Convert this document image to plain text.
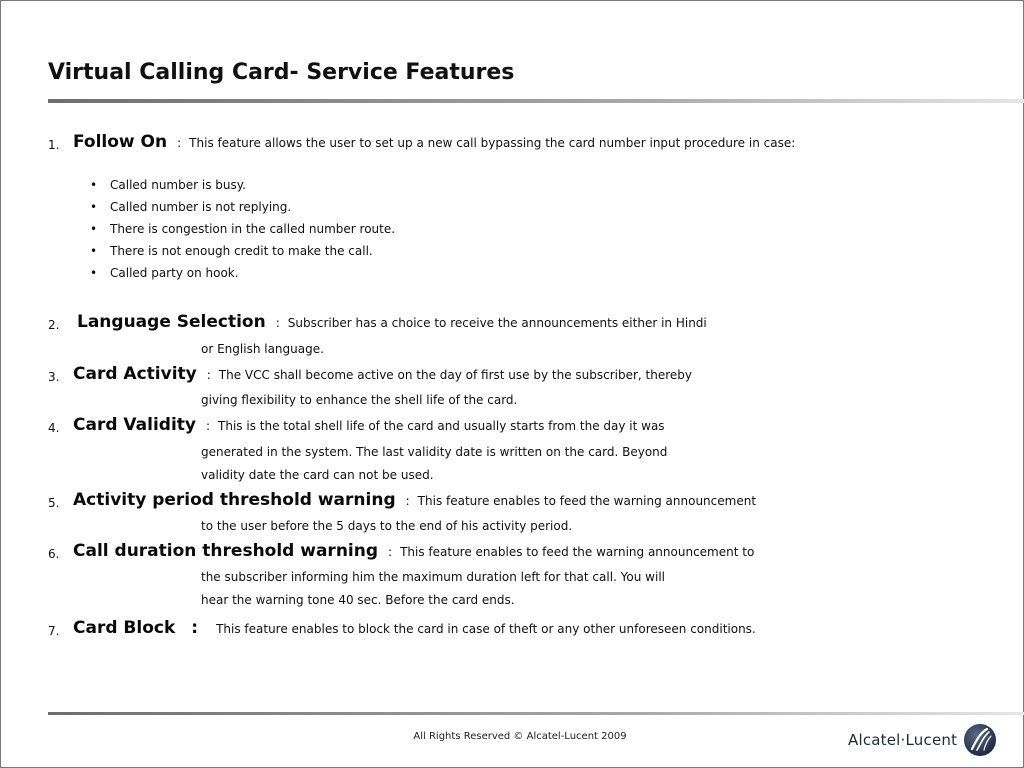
Virtual Calling Card- Service Features
1. Follow On : This feature allows the user to set up a new call bypassing the card number input procedure in case:
• Called number is busy.
• Called number is not replying.
• There is congestion in the called number route.
• There is not enough credit to make the call.
• Called party on hook.
2. Language Selection : Subscriber has a choice to receive the announcements either in Hindi
or English language.
3. Card Activity : The VCC shall become active on the day of first use by the subscriber, thereby
giving flexibility to enhance the shell life of the card.
4. Card Validity : This is the total shell life of the card and usually starts from the day it was
generated in the system. The last validity date is written on the card. Beyond
validity date the card can not be used.
5. Activity period threshold warning : This feature enables to feed the warning announcement
to the user before the 5 days to the end of his activity period.
6. Call duration threshold warning : This feature enables to feed the warning announcement to
the subscriber informing him the maximum duration left for that call. You will
hear the warning tone 40 sec. Before the card ends.
7. Card Block : This feature enables to block the card in case of theft or any other unforeseen conditions.
All Rights Reserved © Alcatel-Lucent 2009	Alcatel·Lucent
